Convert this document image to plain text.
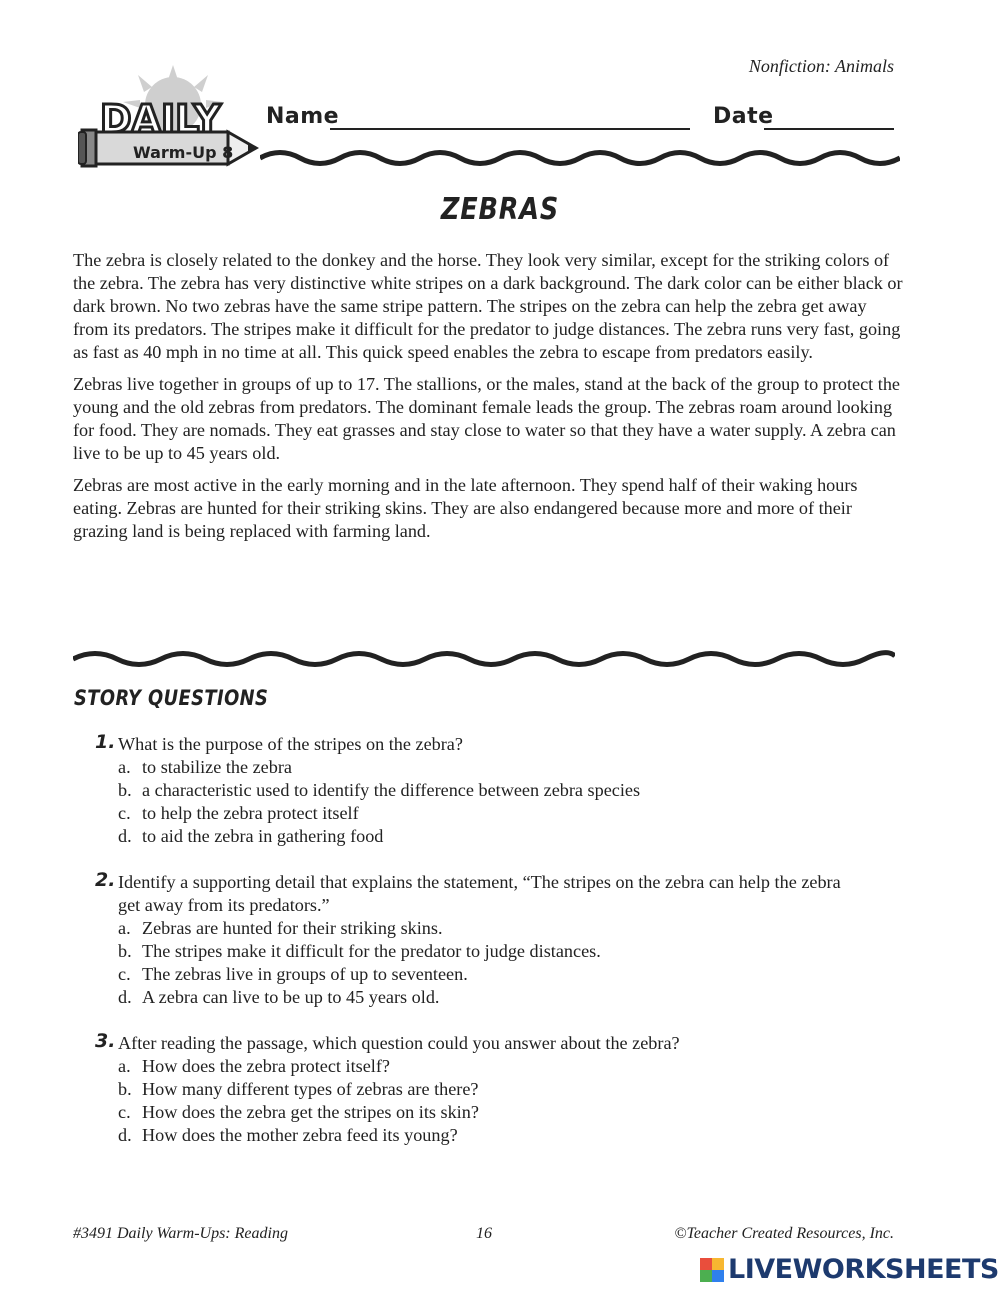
Nonfiction: Animals
DAILY
Warm-Up 8
Name	Date
ZEBRAS

The zebra is closely related to the donkey and the horse. They look very similar, except for the striking colors of the zebra. The zebra has very distinctive white stripes on a dark background. The dark color can be either black or dark brown. No two zebras have the same stripe pattern. The stripes on the zebra can help the zebra get away from its predators. The stripes make it difficult for the predator to judge distances. The zebra runs very fast, going as fast as 40 mph in no time at all. This quick speed enables the zebra to escape from predators easily.

Zebras live together in groups of up to 17. The stallions, or the males, stand at the back of the group to protect the young and the old zebras from predators. The dominant female leads the group. The zebras roam around looking for food. They are nomads. They eat grasses and stay close to water so that they have a water supply. A zebra can live to be up to 45 years old.

Zebras are most active in the early morning and in the late afternoon. They spend half of their waking hours eating. Zebras are hunted for their striking skins. They are also endangered because more and more of their grazing land is being replaced with farming land.

STORY QUESTIONS
1. What is the purpose of the stripes on the zebra?
a. to stabilize the zebra
b. a characteristic used to identify the difference between zebra species
c. to help the zebra protect itself
d. to aid the zebra in gathering food
2. Identify a supporting detail that explains the statement, “The stripes on the zebra can help the zebra get away from its predators.”
a. Zebras are hunted for their striking skins.
b. The stripes make it difficult for the predator to judge distances.
c. The zebras live in groups of up to seventeen.
d. A zebra can live to be up to 45 years old.
3. After reading the passage, which question could you answer about the zebra?
a. How does the zebra protect itself?
b. How many different types of zebras are there?
c. How does the zebra get the stripes on its skin?
d. How does the mother zebra feed its young?
#3491 Daily Warm-Ups: Reading	16	©Teacher Created Resources, Inc.
LIVEWORKSHEETS
